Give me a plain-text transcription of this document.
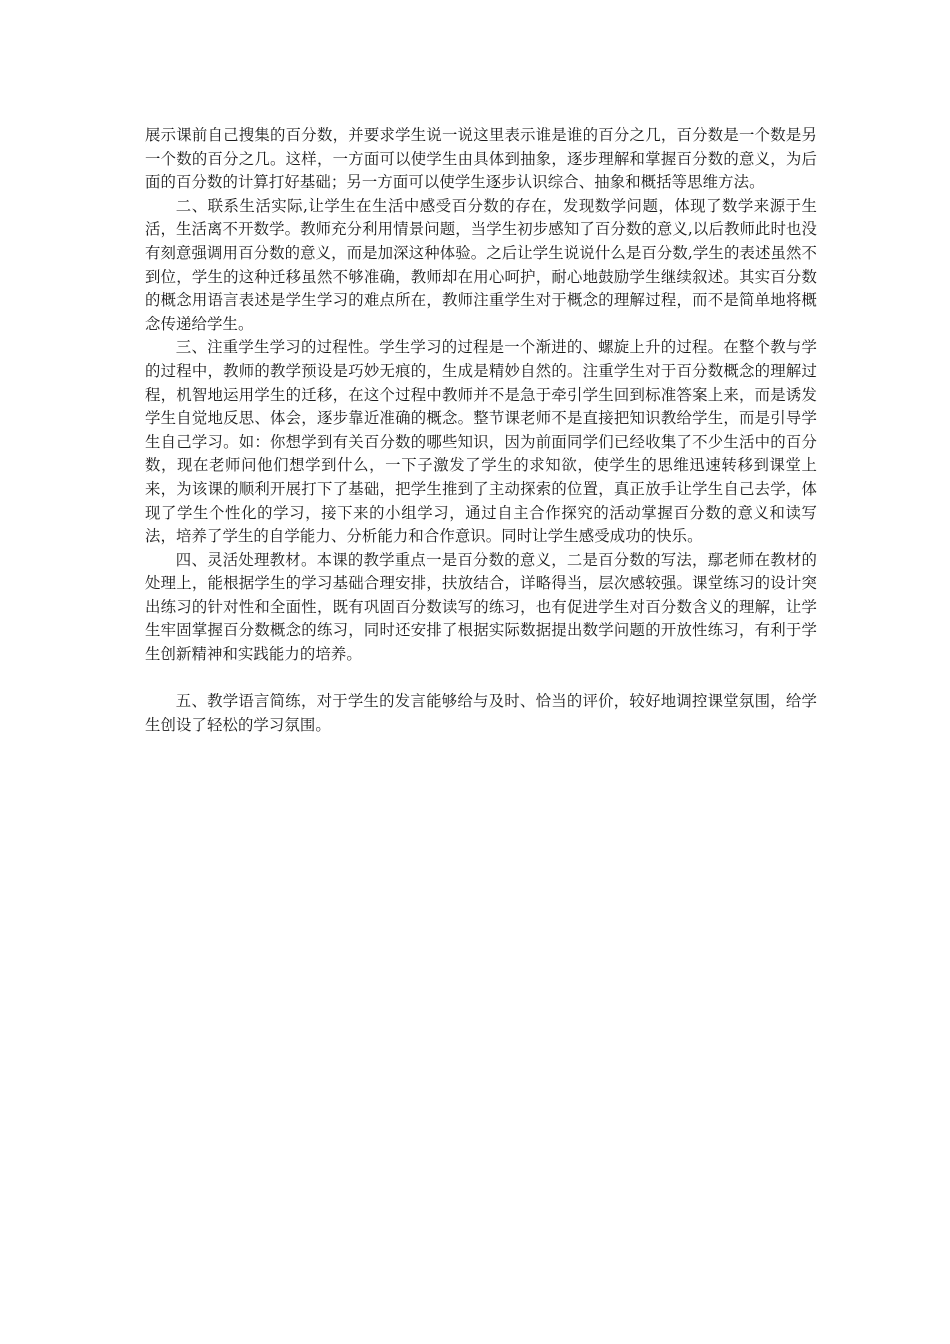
展示课前自己搜集的百分数，并要求学生说一说这里表示谁是谁的百分之几，百分数是一个数是另一个数的百分之几。这样，一方面可以使学生由具体到抽象，逐步理解和掌握百分数的意义，为后面的百分数的计算打好基础；另一方面可以使学生逐步认识综合、抽象和概括等思维方法。

二、联系生活实际,让学生在生活中感受百分数的存在，发现数学问题，体现了数学来源于生活，生活离不开数学。教师充分利用情景问题，当学生初步感知了百分数的意义,以后教师此时也没有刻意强调用百分数的意义，而是加深这种体验。之后让学生说说什么是百分数,学生的表述虽然不到位，学生的这种迁移虽然不够准确，教师却在用心呵护，耐心地鼓励学生继续叙述。其实百分数的概念用语言表述是学生学习的难点所在，教师注重学生对于概念的理解过程，而不是简单地将概念传递给学生。

三、注重学生学习的过程性。学生学习的过程是一个渐进的、螺旋上升的过程。在整个教与学的过程中，教师的教学预设是巧妙无痕的，生成是精妙自然的。注重学生对于百分数概念的理解过程，机智地运用学生的迁移，在这个过程中教师并不是急于牵引学生回到标准答案上来，而是诱发学生自觉地反思、体会，逐步靠近准确的概念。整节课老师不是直接把知识教给学生，而是引导学生自己学习。如：你想学到有关百分数的哪些知识，因为前面同学们已经收集了不少生活中的百分数，现在老师问他们想学到什么，一下子激发了学生的求知欲，使学生的思维迅速转移到课堂上来，为该课的顺利开展打下了基础，把学生推到了主动探索的位置，真正放手让学生自己去学，体现了学生个性化的学习，接下来的小组学习，通过自主合作探究的活动掌握百分数的意义和读写法，培养了学生的自学能力、分析能力和合作意识。同时让学生感受成功的快乐。

四、灵活处理教材。本课的教学重点一是百分数的意义，二是百分数的写法，鄢老师在教材的处理上，能根据学生的学习基础合理安排，扶放结合，详略得当，层次感较强。课堂练习的设计突出练习的针对性和全面性，既有巩固百分数读写的练习，也有促进学生对百分数含义的理解，让学生牢固掌握百分数概念的练习，同时还安排了根据实际数据提出数学问题的开放性练习，有利于学生创新精神和实践能力的培养。

五、教学语言简练，对于学生的发言能够给与及时、恰当的评价，较好地调控课堂氛围，给学生创设了轻松的学习氛围。
